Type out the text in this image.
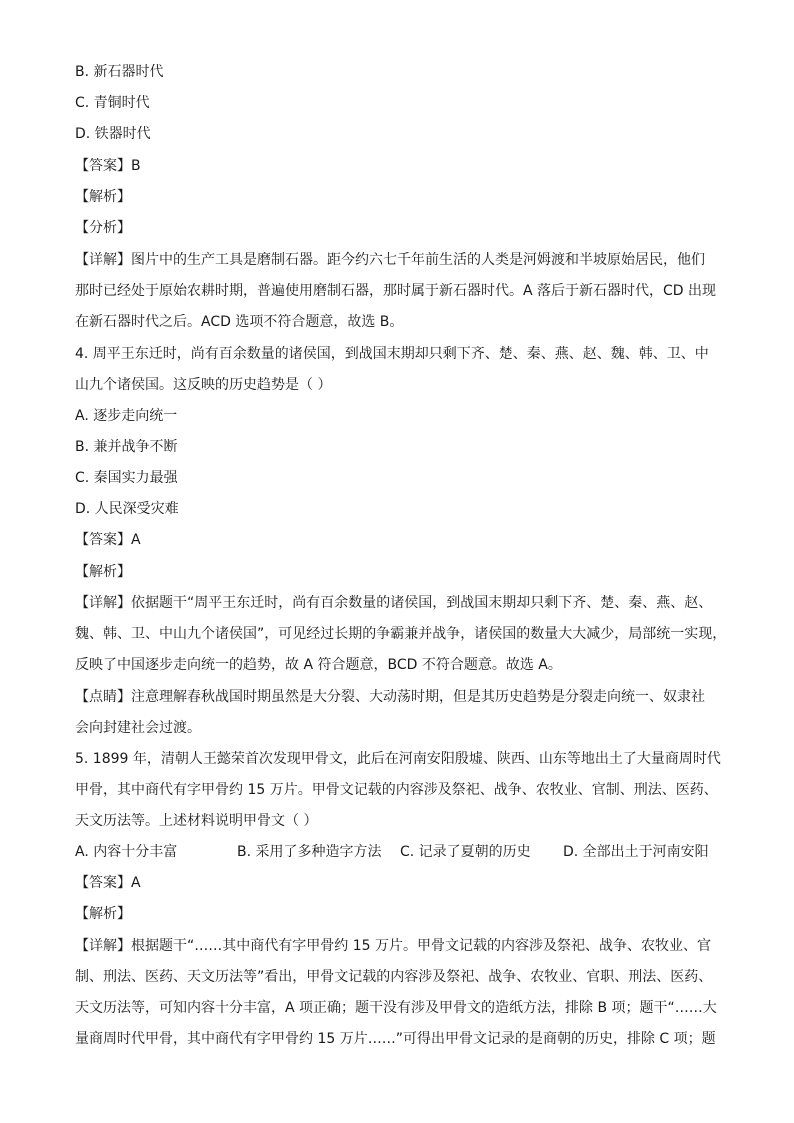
B. 新石器时代
C. 青铜时代
D. 铁器时代
【答案】B
【解析】
【分析】
【详解】图片中的生产工具是磨制石器。距今约六七千年前生活的人类是河姆渡和半坡原始居民，他们
那时已经处于原始农耕时期，普遍使用磨制石器，那时属于新石器时代。A 落后于新石器时代，CD 出现
在新石器时代之后。ACD 选项不符合题意，故选 B。
4. 周平王东迁时，尚有百余数量的诸侯国，到战国末期却只剩下齐、楚、秦、燕、赵、魏、韩、卫、中
山九个诸侯国。这反映的历史趋势是（ ）
A. 逐步走向统一
B. 兼并战争不断
C. 秦国实力最强
D. 人民深受灾难
【答案】A
【解析】
【详解】依据题干“周平王东迁时，尚有百余数量的诸侯国，到战国末期却只剩下齐、楚、秦、燕、赵、
魏、韩、卫、中山九个诸侯国”，可见经过长期的争霸兼并战争，诸侯国的数量大大减少，局部统一实现，
反映了中国逐步走向统一的趋势，故 A 符合题意，BCD 不符合题意。故选 A。
【点睛】注意理解春秋战国时期虽然是大分裂、大动荡时期，但是其历史趋势是分裂走向统一、奴隶社
会向封建社会过渡。
5. 1899 年，清朝人王懿荣首次发现甲骨文，此后在河南安阳殷墟、陕西、山东等地出土了大量商周时代
甲骨，其中商代有字甲骨约 15 万片。甲骨文记载的内容涉及祭祀、战争、农牧业、官制、刑法、医药、
天文历法等。上述材料说明甲骨文（ ）
A. 内容十分丰富	B. 采用了多种造字方法 C. 记录了夏朝的历史 D. 全部出土于河南安阳
【答案】A
【解析】
【详解】根据题干“……其中商代有字甲骨约 15 万片。甲骨文记载的内容涉及祭祀、战争、农牧业、官
制、刑法、医药、天文历法等”看出，甲骨文记载的内容涉及祭祀、战争、农牧业、官职、刑法、医药、
天文历法等，可知内容十分丰富，A 项正确；题干没有涉及甲骨文的造纸方法，排除 B 项；题干“……大
量商周时代甲骨，其中商代有字甲骨约 15 万片……”可得出甲骨文记录的是商朝的历史，排除 C 项；题
